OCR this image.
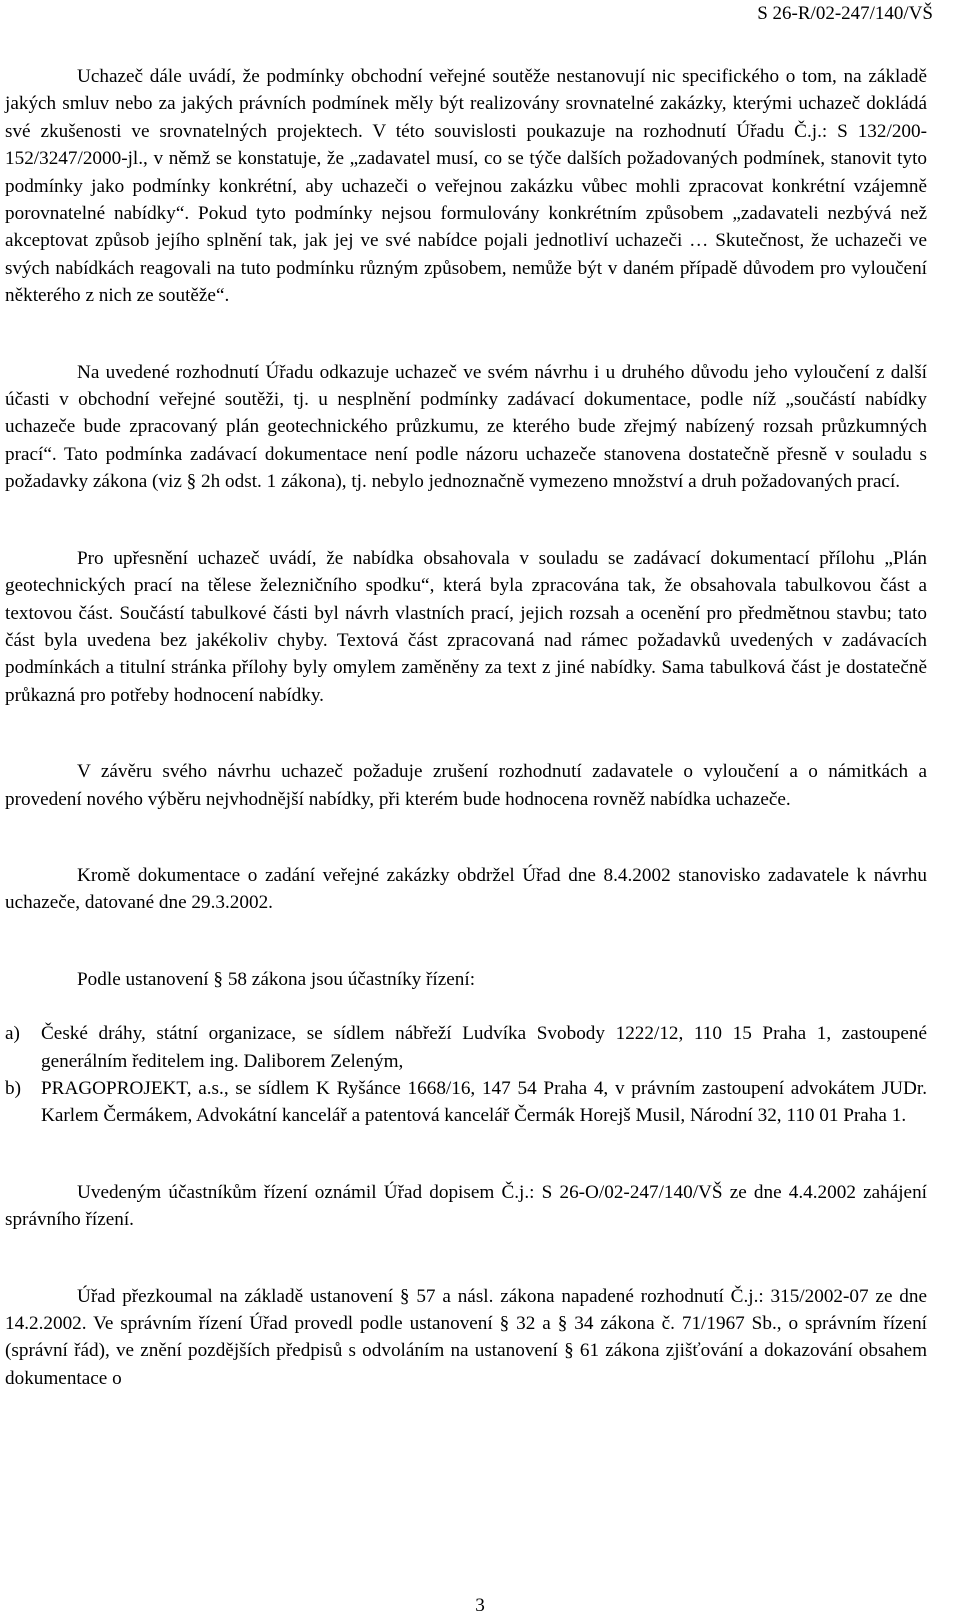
S 26-R/02-247/140/VŠ

Uchazeč dále uvádí, že podmínky obchodní veřejné soutěže nestanovují nic specifického o tom, na základě jakých smluv nebo za jakých právních podmínek měly být realizovány srovnatelné zakázky, kterými uchazeč dokládá své zkušenosti ve srovnatelných projektech. V této souvislosti poukazuje na rozhodnutí Úřadu Č.j.: S 132/200-152/3247/2000-jl., v němž se konstatuje, že „zadavatel musí, co se týče dalších požadovaných podmínek, stanovit tyto podmínky jako podmínky konkrétní, aby uchazeči o veřejnou zakázku vůbec mohli zpracovat konkrétní vzájemně porovnatelné nabídky“. Pokud tyto podmínky nejsou formulovány konkrétním způsobem „zadavateli nezbývá než akceptovat způsob jejího splnění tak, jak jej ve své nabídce pojali jednotliví uchazeči … Skutečnost, že uchazeči ve svých nabídkách reagovali na tuto podmínku různým způsobem, nemůže být v daném případě důvodem pro vyloučení některého z nich ze soutěže“.

Na uvedené rozhodnutí Úřadu odkazuje uchazeč ve svém návrhu i u druhého důvodu jeho vyloučení z další účasti v obchodní veřejné soutěži, tj. u nesplnění podmínky zadávací dokumentace, podle níž „součástí nabídky uchazeče bude zpracovaný plán geotechnického průzkumu, ze kterého bude zřejmý nabízený rozsah průzkumných prací“. Tato podmínka zadávací dokumentace není podle názoru uchazeče stanovena dostatečně přesně v souladu s požadavky zákona (viz § 2h odst. 1 zákona), tj. nebylo jednoznačně vymezeno množství a druh požadovaných prací.

Pro upřesnění uchazeč uvádí, že nabídka obsahovala v souladu se zadávací dokumentací přílohu „Plán geotechnických prací na tělese železničního spodku“, která byla zpracována tak, že obsahovala tabulkovou část a textovou část. Součástí tabulkové části byl návrh vlastních prací, jejich rozsah a ocenění pro předmětnou stavbu; tato část byla uvedena bez jakékoliv chyby. Textová část zpracovaná nad rámec požadavků uvedených v zadávacích podmínkách a titulní stránka přílohy byly omylem zaměněny za text z jiné nabídky. Sama tabulková část je dostatečně průkazná pro potřeby hodnocení nabídky.

V závěru svého návrhu uchazeč požaduje zrušení rozhodnutí zadavatele o vyloučení a o námitkách a provedení nového výběru nejvhodnější nabídky, při kterém bude hodnocena rovněž nabídka uchazeče.

Kromě dokumentace o zadání veřejné zakázky obdržel Úřad dne 8.4.2002 stanovisko zadavatele k návrhu uchazeče, datované dne 29.3.2002.

Podle ustanovení § 58 zákona jsou účastníky řízení:

a) České dráhy, státní organizace, se sídlem nábřeží Ludvíka Svobody 1222/12, 110 15 Praha 1, zastoupené generálním ředitelem ing. Daliborem Zeleným,
b) PRAGOPROJEKT, a.s., se sídlem K Ryšánce 1668/16, 147 54 Praha 4, v právním zastoupení advokátem JUDr. Karlem Čermákem, Advokátní kancelář a patentová kancelář Čermák Horejš Musil, Národní 32, 110 01 Praha 1.

Uvedeným účastníkům řízení oznámil Úřad dopisem Č.j.: S 26-O/02-247/140/VŠ ze dne 4.4.2002 zahájení správního řízení.

Úřad přezkoumal na základě ustanovení § 57 a násl. zákona napadené rozhodnutí Č.j.: 315/2002-07 ze dne 14.2.2002. Ve správním řízení Úřad provedl podle ustanovení § 32 a § 34 zákona č. 71/1967 Sb., o správním řízení (správní řád), ve znění pozdějších předpisů s odvoláním na ustanovení § 61 zákona zjišťování a dokazování obsahem dokumentace o

3
